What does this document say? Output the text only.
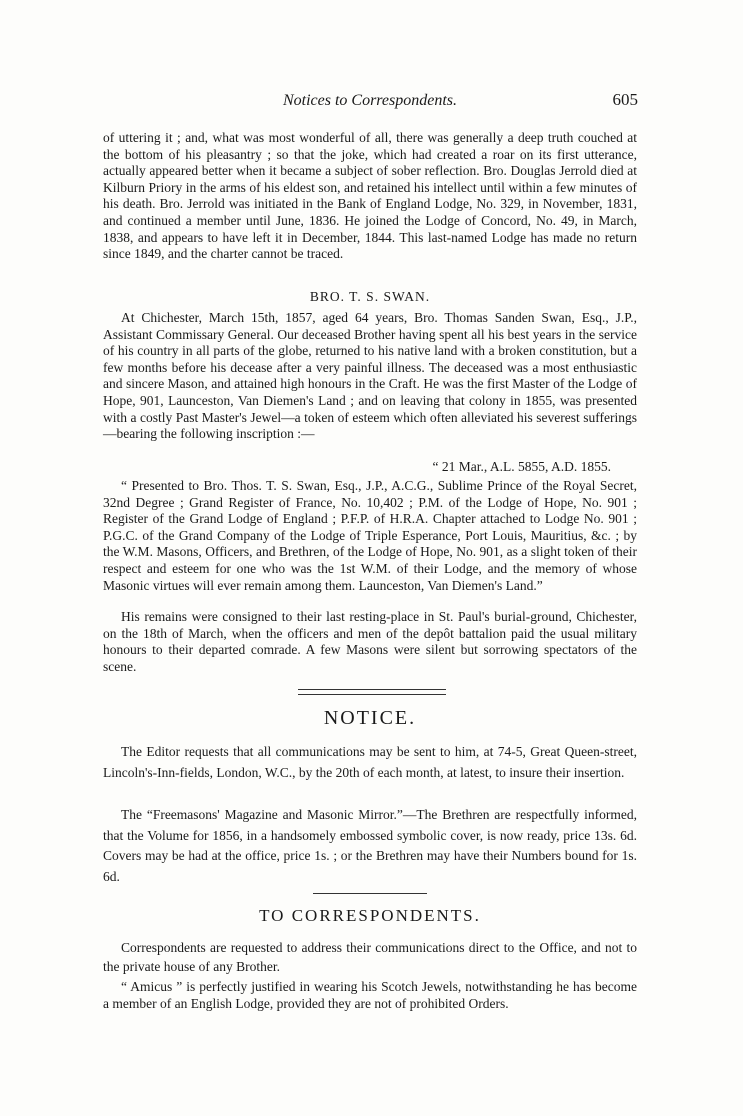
Notices to Correspondents.	605

of uttering it ; and, what was most wonderful of all, there was generally a deep truth couched at the bottom of his pleasantry ; so that the joke, which had created a roar on its first utterance, actually appeared better when it became a subject of sober reflection. Bro. Douglas Jerrold died at Kilburn Priory in the arms of his eldest son, and retained his intellect until within a few minutes of his death. Bro. Jerrold was initiated in the Bank of England Lodge, No. 329, in November, 1831, and continued a member until June, 1836. He joined the Lodge of Concord, No. 49, in March, 1838, and appears to have left it in December, 1844. This last-named Lodge has made no return since 1849, and the charter cannot be traced.

BRO. T. S. SWAN.

At Chichester, March 15th, 1857, aged 64 years, Bro. Thomas Sanden Swan, Esq., J.P., Assistant Commissary General. Our deceased Brother having spent all his best years in the service of his country in all parts of the globe, returned to his native land with a broken constitution, but a few months before his decease after a very painful illness. The deceased was a most enthusiastic and sincere Mason, and attained high honours in the Craft. He was the first Master of the Lodge of Hope, 901, Launceston, Van Diemen's Land ; and on leaving that colony in 1855, was presented with a costly Past Master's Jewel—a token of esteem which often alleviated his severest sufferings—bearing the following inscription :—

“ 21 Mar., A.L. 5855, A.D. 1855.

“ Presented to Bro. Thos. T. S. Swan, Esq., J.P., A.C.G., Sublime Prince of the Royal Secret, 32nd Degree ; Grand Register of France, No. 10,402 ; P.M. of the Lodge of Hope, No. 901 ; Register of the Grand Lodge of England ; P.F.P. of H.R.A. Chapter attached to Lodge No. 901 ; P.G.C. of the Grand Company of the Lodge of Triple Esperance, Port Louis, Mauritius, &c. ; by the W.M. Masons, Officers, and Brethren, of the Lodge of Hope, No. 901, as a slight token of their respect and esteem for one who was the 1st W.M. of their Lodge, and the memory of whose Masonic virtues will ever remain among them. Launceston, Van Diemen's Land.”

His remains were consigned to their last resting-place in St. Paul's burial-ground, Chichester, on the 18th of March, when the officers and men of the depôt battalion paid the usual military honours to their departed comrade. A few Masons were silent but sorrowing spectators of the scene.

NOTICE.

The Editor requests that all communications may be sent to him, at 74-5, Great Queen-street, Lincoln's-Inn-fields, London, W.C., by the 20th of each month, at latest, to insure their insertion.

The “Freemasons' Magazine and Masonic Mirror.”—The Brethren are respectfully informed, that the Volume for 1856, in a handsomely embossed symbolic cover, is now ready, price 13s. 6d. Covers may be had at the office, price 1s. ; or the Brethren may have their Numbers bound for 1s. 6d.

TO CORRESPONDENTS.

Correspondents are requested to address their communications direct to the Office, and not to the private house of any Brother.

“ Amicus ” is perfectly justified in wearing his Scotch Jewels, notwithstanding he has become a member of an English Lodge, provided they are not of prohibited Orders.
